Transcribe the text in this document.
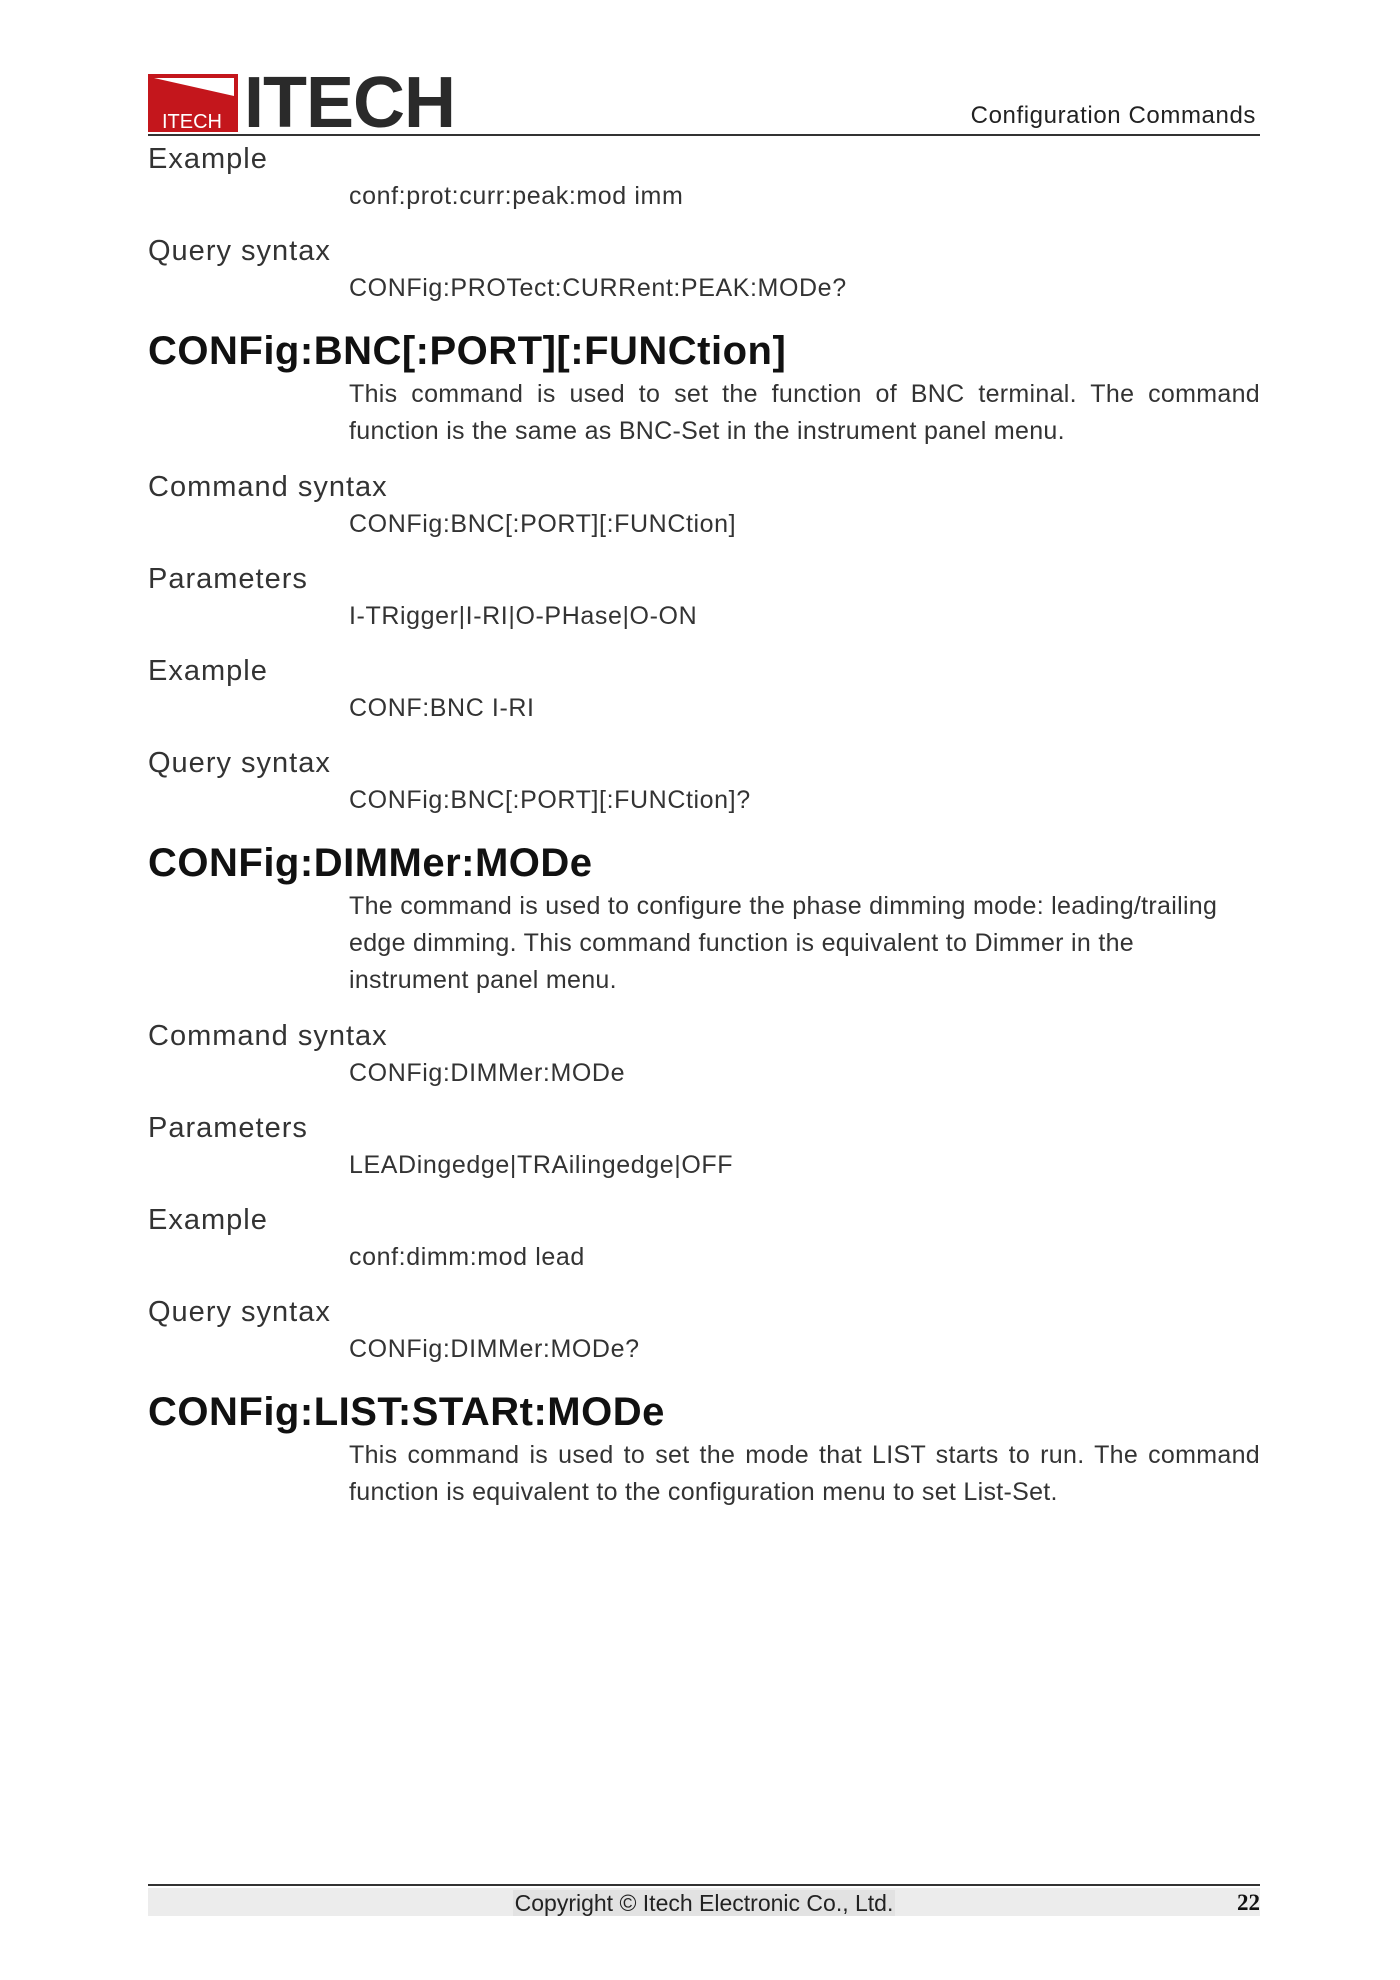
ITECH ITECH	Configuration Commands

Example

conf:prot:curr:peak:mod imm

Query syntax

CONFig:PROTect:CURRent:PEAK:MODe?

CONFig:BNC[:PORT][:FUNCtion]

This command is used to set the function of BNC terminal. The command function is the same as BNC-Set in the instrument panel menu.

Command syntax

CONFig:BNC[:PORT][:FUNCtion]

Parameters

I-TRigger|I-RI|O-PHase|O-ON

Example

CONF:BNC I-RI

Query syntax

CONFig:BNC[:PORT][:FUNCtion]?

CONFig:DIMMer:MODe

The command is used to configure the phase dimming mode: leading/trailing edge dimming. This command function is equivalent to Dimmer in the instrument panel menu.

Command syntax

CONFig:DIMMer:MODe

Parameters

LEADingedge|TRAilingedge|OFF

Example

conf:dimm:mod lead

Query syntax

CONFig:DIMMer:MODe?

CONFig:LIST:STARt:MODe

This command is used to set the mode that LIST starts to run. The command function is equivalent to the configuration menu to set List-Set.

Copyright © Itech Electronic Co., Ltd.	22
